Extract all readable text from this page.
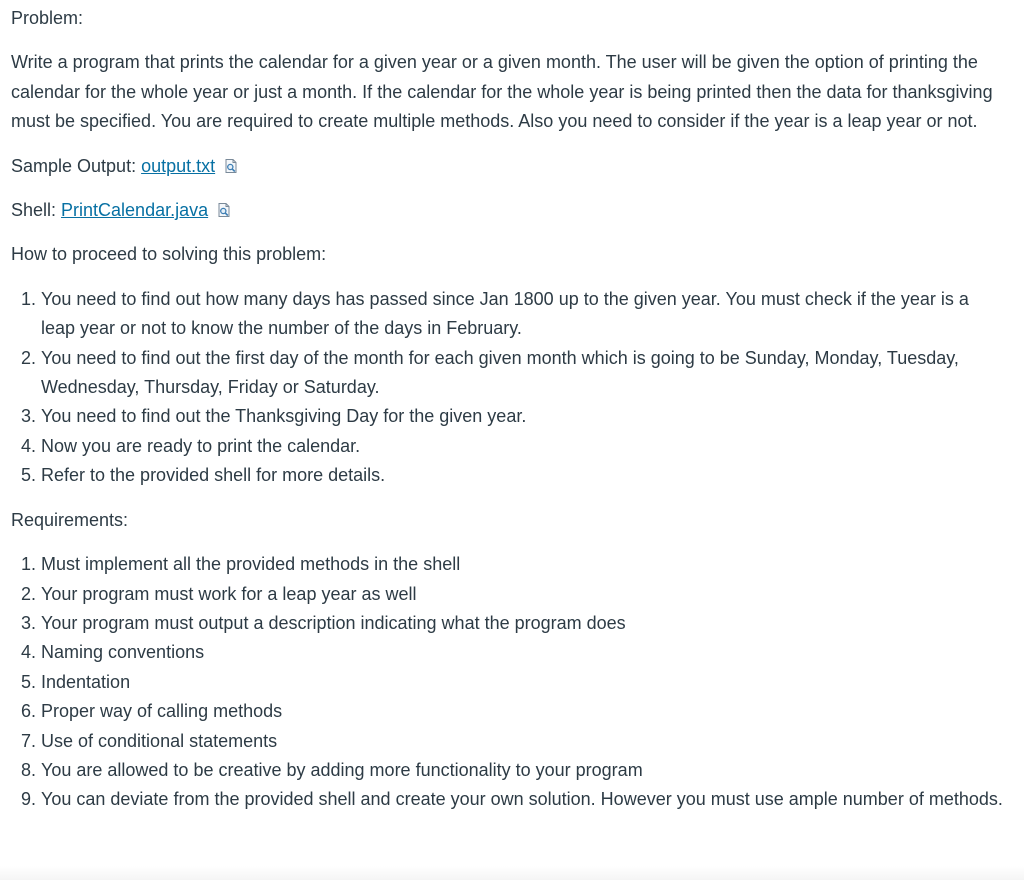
Problem:

Write a program that prints the calendar for a given year or a given month. The user will be given the option of printing the calendar for the whole year or just a month. If the calendar for the whole year is being printed then the data for thanksgiving must be specified. You are required to create multiple methods. Also you need to consider if the year is a leap year or not.

Sample Output: output.txt

Shell: PrintCalendar.java

How to proceed to solving this problem:

1. You need to find out how many days has passed since Jan 1800 up to the given year. You must check if the year is a leap year or not to know the number of the days in February.
2. You need to find out the first day of the month for each given month which is going to be Sunday, Monday, Tuesday, Wednesday, Thursday, Friday or Saturday.
3. You need to find out the Thanksgiving Day for the given year.
4. Now you are ready to print the calendar.
5. Refer to the provided shell for more details.

Requirements:

1. Must implement all the provided methods in the shell
2. Your program must work for a leap year as well
3. Your program must output a description indicating what the program does
4. Naming conventions
5. Indentation
6. Proper way of calling methods
7. Use of conditional statements
8. You are allowed to be creative by adding more functionality to your program
9. You can deviate from the provided shell and create your own solution. However you must use ample number of methods.
